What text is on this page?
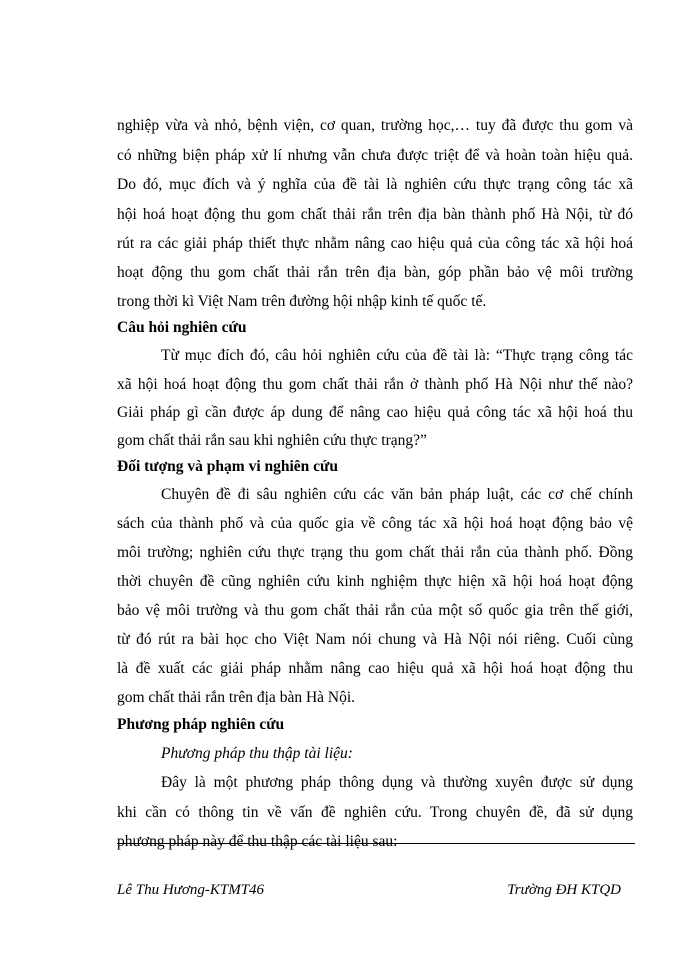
nghiệp vừa và nhỏ, bệnh viện, cơ quan, trường học,… tuy đã được thu gom và
có những biện pháp xử lí nhưng vẫn chưa được triệt để và hoàn toàn hiệu quả.
Do đó, mục đích và ý nghĩa của đề tài là nghiên cứu thực trạng công tác xã
hội hoá hoạt động thu gom chất thải rắn trên địa bàn thành phố Hà Nội, từ đó
rút ra các giải pháp thiết thực nhằm nâng cao hiệu quả của công tác xã hội hoá
hoạt động thu gom chất thải rắn trên địa bàn, góp phần bảo vệ môi trường
trong thời kì Việt Nam trên đường hội nhập kinh tế quốc tế.
Câu hỏi nghiên cứu
Từ mục đích đó, câu hỏi nghiên cứu của đề tài là: “Thực trạng công tác
xã hội hoá hoạt động thu gom chất thải rắn ở thành phố Hà Nội như thế nào?
Giải pháp gì cần được áp dung để nâng cao hiệu quả công tác xã hội hoá thu
gom chất thải rắn sau khi nghiên cứu thực trạng?”
Đối tượng và phạm vi nghiên cứu
Chuyên đề đi sâu nghiên cứu các văn bản pháp luật, các cơ chế chính
sách của thành phố và của quốc gia về công tác xã hội hoá hoạt động bảo vệ
môi trường; nghiên cứu thực trạng thu gom chất thải rắn của thành phố. Đồng
thời chuyên đề cũng nghiên cứu kinh nghiệm thực hiện xã hội hoá hoạt động
bảo vệ môi trường và thu gom chất thải rắn của một số quốc gia trên thế giới,
từ đó rút ra bài học cho Việt Nam nói chung và Hà Nội nói riêng. Cuối cùng
là đề xuất các giải pháp nhằm nâng cao hiệu quả xã hội hoá hoạt động thu
gom chất thải rắn trên địa bàn Hà Nội.
Phương pháp nghiên cứu
Phương pháp thu thập tài liệu:
Đây là một phương pháp thông dụng và thường xuyên được sử dụng
khi cần có thông tin về vấn đề nghiên cứu. Trong chuyên đề, đã sử dụng
phương pháp này để thu thập các tài liệu sau:
Lê Thu Hương-KTMT46	Trường ĐH KTQD
